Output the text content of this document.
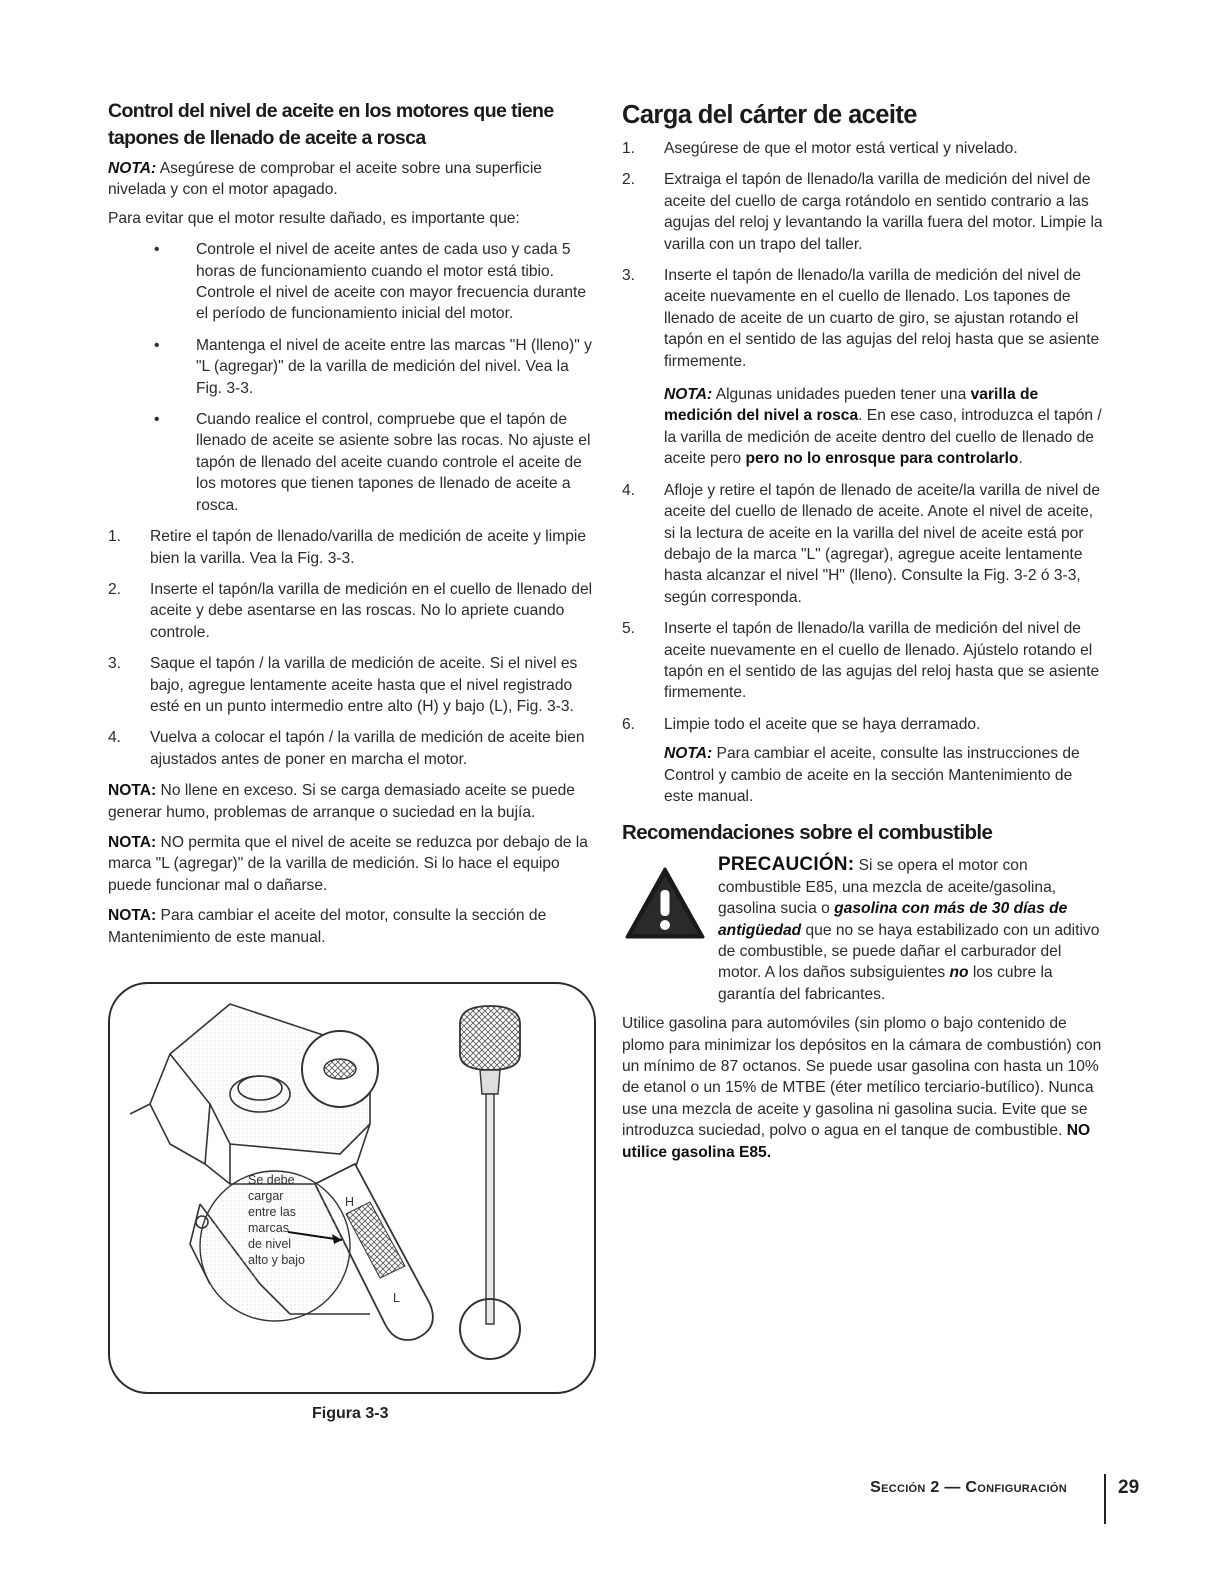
Control del nivel de aceite en los motores que tiene tapones de llenado de aceite a rosca

NOTA: Asegúrese de comprobar el aceite sobre una superficie nivelada y con el motor apagado.

Para evitar que el motor resulte dañado, es importante que:

• Controle el nivel de aceite antes de cada uso y cada 5 horas de funcionamiento cuando el motor está tibio. Controle el nivel de aceite con mayor frecuencia durante el período de funcionamiento inicial del motor.
• Mantenga el nivel de aceite entre las marcas "H (lleno)" y "L (agregar)" de la varilla de medición del nivel. Vea la Fig. 3-3.
• Cuando realice el control, compruebe que el tapón de llenado de aceite se asiente sobre las rocas. No ajuste el tapón de llenado del aceite cuando controle el aceite de los motores que tienen tapones de llenado de aceite a rosca.
1. Retire el tapón de llenado/varilla de medición de aceite y limpie bien la varilla. Vea la Fig. 3-3.
2. Inserte el tapón/la varilla de medición en el cuello de llenado del aceite y debe asentarse en las roscas. No lo apriete cuando controle.
3. Saque el tapón / la varilla de medición de aceite. Si el nivel es bajo, agregue lentamente aceite hasta que el nivel registrado esté en un punto intermedio entre alto (H) y bajo (L), Fig. 3-3.
4. Vuelva a colocar el tapón / la varilla de medición de aceite bien ajustados antes de poner en marcha el motor.

NOTA: No llene en exceso. Si se carga demasiado aceite se puede generar humo, problemas de arranque o suciedad en la bujía.

NOTA: NO permita que el nivel de aceite se reduzca por debajo de la marca "L (agregar)" de la varilla de medición. Si lo hace el equipo puede funcionar mal o dañarse.

NOTA: Para cambiar el aceite del motor, consulte la sección de Mantenimiento de este manual.

H
L
Se debe
cargar
entre las
marcas
de nivel
alto y bajo
Figura 3-3
Carga del cárter de aceite
1. Asegúrese de que el motor está vertical y nivelado.
2. Extraiga el tapón de llenado/la varilla de medición del nivel de aceite del cuello de carga rotándolo en sentido contrario a las agujas del reloj y levantando la varilla fuera del motor. Limpie la varilla con un trapo del taller.
3. Inserte el tapón de llenado/la varilla de medición del nivel de aceite nuevamente en el cuello de llenado. Los tapones de llenado de aceite de un cuarto de giro, se ajustan rotando el tapón en el sentido de las agujas del reloj hasta que se asiente firmemente.
NOTA: Algunas unidades pueden tener una varilla de medición del nivel a rosca. En ese caso, introduzca el tapón / la varilla de medición de aceite dentro del cuello de llenado de aceite pero pero no lo enrosque para controlarlo.
4. Afloje y retire el tapón de llenado de aceite/la varilla de nivel de aceite del cuello de llenado de aceite. Anote el nivel de aceite, si la lectura de aceite en la varilla del nivel de aceite está por debajo de la marca "L" (agregar), agregue aceite lentamente hasta alcanzar el nivel "H" (lleno). Consulte la Fig. 3-2 ó 3-3, según corresponda.
5. Inserte el tapón de llenado/la varilla de medición del nivel de aceite nuevamente en el cuello de llenado. Ajústelo rotando el tapón en el sentido de las agujas del reloj hasta que se asiente firmemente.
6. Limpie todo el aceite que se haya derramado.
NOTA: Para cambiar el aceite, consulte las instrucciones de Control y cambio de aceite en la sección Mantenimiento de este manual.
Recomendaciones sobre el combustible

PRECAUCIÓN: Si se opera el motor con combustible E85, una mezcla de aceite/gasolina, gasolina sucia o gasolina con más de 30 días de antigüedad que no se haya estabilizado con un aditivo de combustible, se puede dañar el carburador del motor. A los daños subsiguientes no los cubre la garantía del fabricantes.

Utilice gasolina para automóviles (sin plomo o bajo contenido de plomo para minimizar los depósitos en la cámara de combustión) con un mínimo de 87 octanos. Se puede usar gasolina con hasta un 10% de etanol o un 15% de MTBE (éter metílico terciario-butílico). Nunca use una mezcla de aceite y gasolina ni gasolina sucia. Evite que se introduzca suciedad, polvo o agua en el tanque de combustible. NO utilice gasolina E85.

Sección 2 — Configuración	29
